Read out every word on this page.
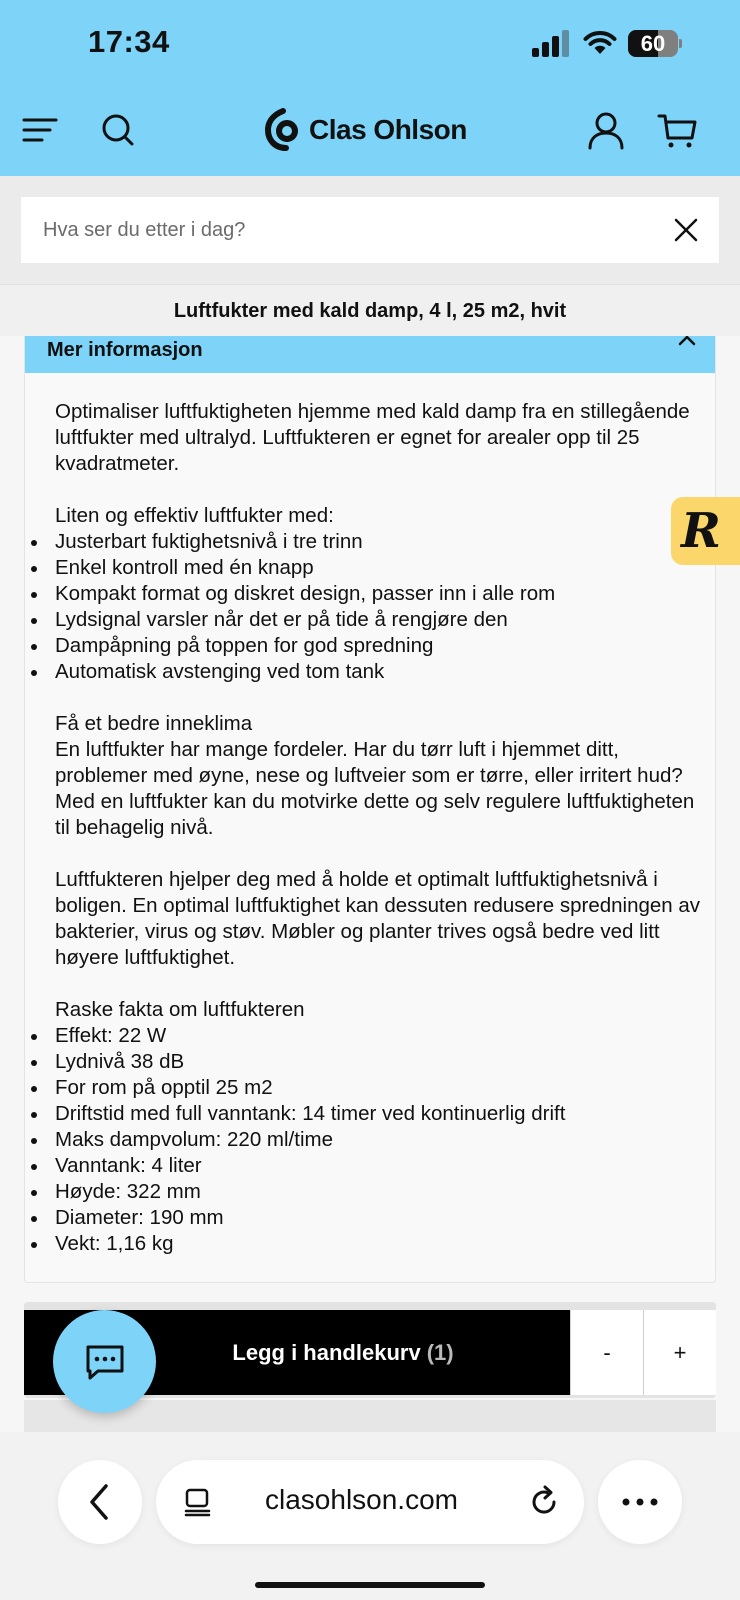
17:34	60
Clas Ohlson
Hva ser du etter i dag?
Luftfukter med kald damp, 4 l, 25 m2, hvit
Mer informasjon

Optimaliser luftfuktigheten hjemme med kald damp fra en stillegående luftfukter med ultralyd. Luftfukteren er egnet for arealer opp til 25 kvadratmeter.

Liten og effektiv luftfukter med:

Justerbart fuktighetsnivå i tre trinn
Enkel kontroll med én knapp
Kompakt format og diskret design, passer inn i alle rom
Lydsignal varsler når det er på tide å rengjøre den
Dampåpning på toppen for god spredning
Automatisk avstenging ved tom tank

Få et bedre inneklima

En luftfukter har mange fordeler. Har du tørr luft i hjemmet ditt, problemer med øyne, nese og luftveier som er tørre, eller irritert hud? Med en luftfukter kan du motvirke dette og selv regulere luftfuktigheten til behagelig nivå.

Luftfukteren hjelper deg med å holde et optimalt luftfuktighetsnivå i boligen. En optimal luftfuktighet kan dessuten redusere spredningen av bakterier, virus og støv. Møbler og planter trives også bedre ved litt høyere luftfuktighet.

Raske fakta om luftfukteren

Effekt: 22 W
Lydnivå 38 dB
For rom på opptil 25 m2
Driftstid med full vanntank: 14 timer ved kontinuerlig drift
Maks dampvolum: 220 ml/time
Vanntank: 4 liter
Høyde: 322 mm
Diameter: 190 mm
Vekt: 1,16 kg
R
Legg i handlekurv (1)	-	+
clasohlson.com
